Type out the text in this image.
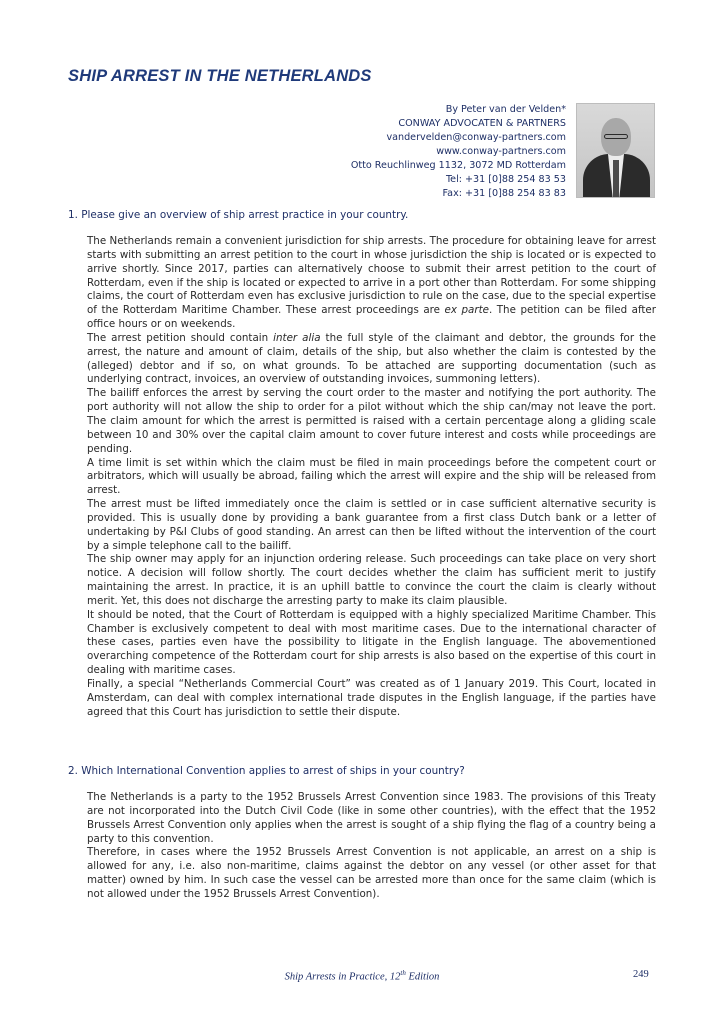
SHIP ARREST IN THE NETHERLANDS
By Peter van der Velden*
CONWAY ADVOCATEN & PARTNERS
vandervelden@conway-partners.com
www.conway-partners.com
Otto Reuchlinweg 1132, 3072 MD Rotterdam
Tel: +31 [0]88 254 83 53
Fax: +31 [0]88 254 83 83

1. Please give an overview of ship arrest practice in your country.

The Netherlands remain a convenient jurisdiction for ship arrests. The procedure for obtaining leave for arrest starts with submitting an arrest petition to the court in whose jurisdiction the ship is located or is expected to arrive shortly. Since 2017, parties can alternatively choose to submit their arrest petition to the court of Rotterdam, even if the ship is located or expected to arrive in a port other than Rotterdam. For some shipping claims, the court of Rotterdam even has exclusive jurisdiction to rule on the case, due to the special expertise of the Rotterdam Maritime Chamber. These arrest proceedings are ex parte. The petition can be filed after office hours or on weekends.

The arrest petition should contain inter alia the full style of the claimant and debtor, the grounds for the arrest, the nature and amount of claim, details of the ship, but also whether the claim is contested by the (alleged) debtor and if so, on what grounds. To be attached are supporting documentation (such as underlying contract, invoices, an overview of outstanding invoices, summoning letters).

The bailiff enforces the arrest by serving the court order to the master and notifying the port authority. The port authority will not allow the ship to order for a pilot without which the ship can/may not leave the port. The claim amount for which the arrest is permitted is raised with a certain percentage along a gliding scale between 10 and 30% over the capital claim amount to cover future interest and costs while proceedings are pending.

A time limit is set within which the claim must be filed in main proceedings before the competent court or arbitrators, which will usually be abroad, failing which the arrest will expire and the ship will be released from arrest.

The arrest must be lifted immediately once the claim is settled or in case sufficient alternative security is provided. This is usually done by providing a bank guarantee from a first class Dutch bank or a letter of undertaking by P&I Clubs of good standing. An arrest can then be lifted without the intervention of the court by a simple telephone call to the bailiff.

The ship owner may apply for an injunction ordering release. Such proceedings can take place on very short notice. A decision will follow shortly. The court decides whether the claim has sufficient merit to justify maintaining the arrest. In practice, it is an uphill battle to convince the court the claim is clearly without merit. Yet, this does not discharge the arresting party to make its claim plausible.

It should be noted, that the Court of Rotterdam is equipped with a highly specialized Maritime Chamber. This Chamber is exclusively competent to deal with most maritime cases. Due to the international character of these cases, parties even have the possibility to litigate in the English language. The abovementioned overarching competence of the Rotterdam court for ship arrests is also based on the expertise of this court in dealing with maritime cases.

Finally, a special “Netherlands Commercial Court” was created as of 1 January 2019. This Court, located in Amsterdam, can deal with complex international trade disputes in the English language, if the parties have agreed that this Court has jurisdiction to settle their dispute.

2. Which International Convention applies to arrest of ships in your country?

The Netherlands is a party to the 1952 Brussels Arrest Convention since 1983. The provisions of this Treaty are not incorporated into the Dutch Civil Code (like in some other countries), with the effect that the 1952 Brussels Arrest Convention only applies when the arrest is sought of a ship flying the flag of a country being a party to this convention.

Therefore, in cases where the 1952 Brussels Arrest Convention is not applicable, an arrest on a ship is allowed for any, i.e. also non-maritime, claims against the debtor on any vessel (or other asset for that matter) owned by him. In such case the vessel can be arrested more than once for the same claim (which is not allowed under the 1952 Brussels Arrest Convention).

Ship Arrests in Practice, 12th Edition	249
